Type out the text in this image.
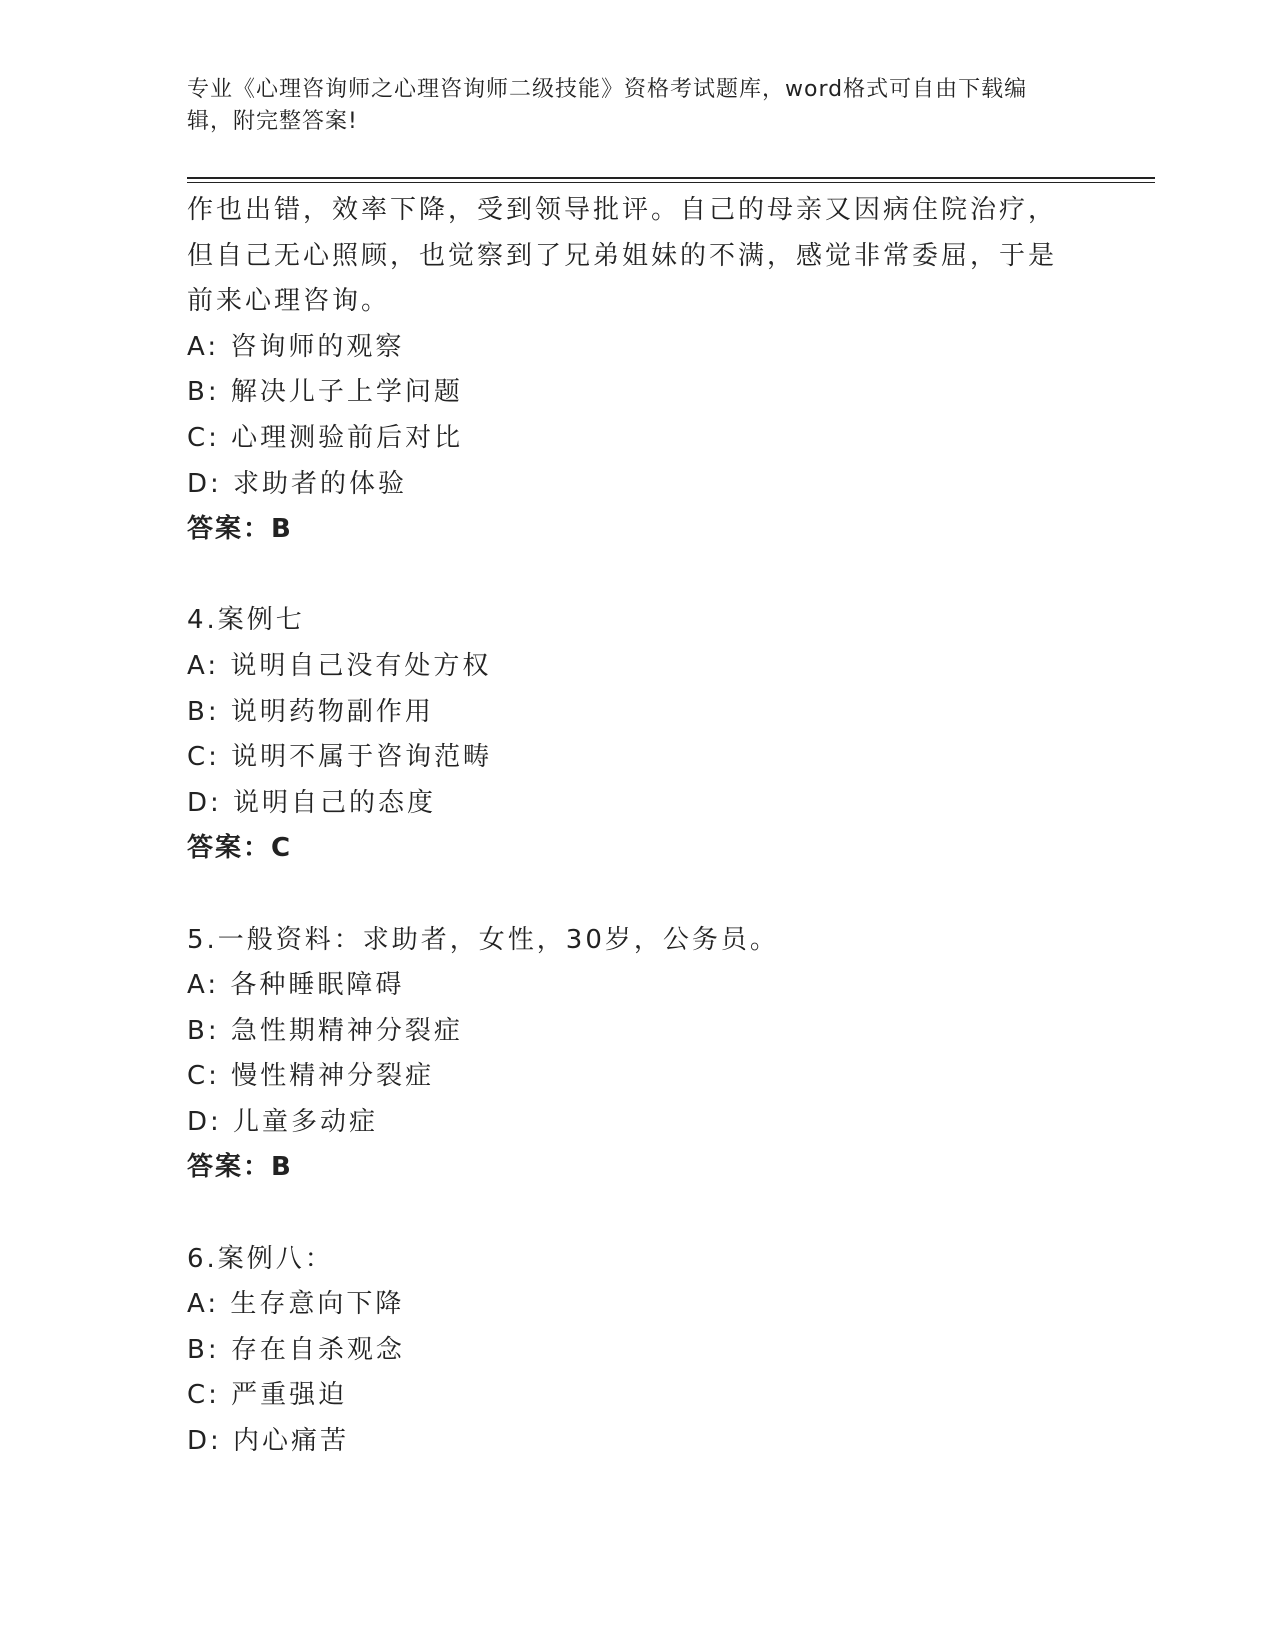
专业《心理咨询师之心理咨询师二级技能》资格考试题库，word格式可自由下载编辑，附完整答案!
作也出错，效率下降，受到领导批评。自己的母亲又因病住院治疗，
但自己无心照顾，也觉察到了兄弟姐妹的不满，感觉非常委屈，于是
前来心理咨询。
A: 咨询师的观察
B: 解决儿子上学问题
C: 心理测验前后对比
D: 求助者的体验
答案：B
4.案例七
A: 说明自己没有处方权
B: 说明药物副作用
C: 说明不属于咨询范畴
D: 说明自己的态度
答案：C
5.一般资料：求助者，女性，30岁，公务员。
A: 各种睡眠障碍
B: 急性期精神分裂症
C: 慢性精神分裂症
D: 儿童多动症
答案：B
6.案例八：
A: 生存意向下降
B: 存在自杀观念
C: 严重强迫
D: 内心痛苦
